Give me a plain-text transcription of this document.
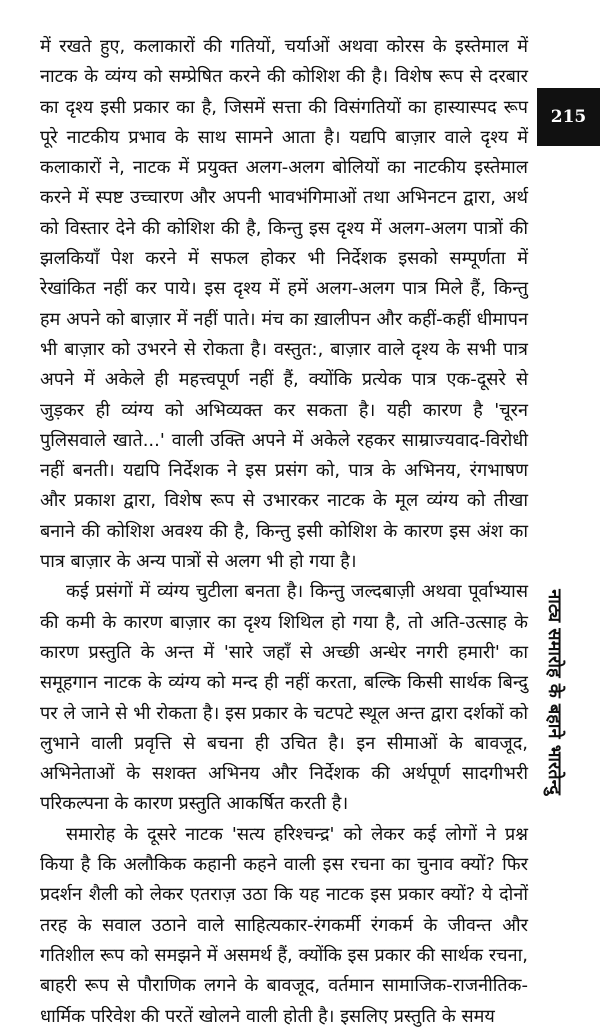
में रखते हुए, कलाकारों की गतियों, चर्याओं अथवा कोरस के इस्तेमाल में नाटक के व्यंग्य को सम्प्रेषित करने की कोशिश की है। विशेष रूप से दरबार का दृश्य इसी प्रकार का है, जिसमें सत्ता की विसंगतियों का हास्यास्पद रूप पूरे नाटकीय प्रभाव के साथ सामने आता है। यद्यपि बाज़ार वाले दृश्य में कलाकारों ने, नाटक में प्रयुक्त अलग-अलग बोलियों का नाटकीय इस्तेमाल करने में स्पष्ट उच्चारण और अपनी भावभंगिमाओं तथा अभिनटन द्वारा, अर्थ को विस्तार देने की कोशिश की है, किन्तु इस दृश्य में अलग-अलग पात्रों की झलकियाँ पेश करने में सफल होकर भी निर्देशक इसको सम्पूर्णता में रेखांकित नहीं कर पाये। इस दृश्य में हमें अलग-अलग पात्र मिले हैं, किन्तु हम अपने को बाज़ार में नहीं पाते। मंच का ख़ालीपन और कहीं-कहीं धीमापन भी बाज़ार को उभरने से रोकता है। वस्तुत:, बाज़ार वाले दृश्य के सभी पात्र अपने में अकेले ही महत्त्वपूर्ण नहीं हैं, क्योंकि प्रत्येक पात्र एक-दूसरे से जुड़कर ही व्यंग्य को अभिव्यक्त कर सकता है। यही कारण है 'चूरन पुलिसवाले खाते...' वाली उक्ति अपने में अकेले रहकर साम्राज्यवाद-विरोधी नहीं बनती। यद्यपि निर्देशक ने इस प्रसंग को, पात्र के अभिनय, रंगभाषण और प्रकाश द्वारा, विशेष रूप से उभारकर नाटक के मूल व्यंग्य को तीखा बनाने की कोशिश अवश्य की है, किन्तु इसी कोशिश के कारण इस अंश का पात्र बाज़ार के अन्य पात्रों से अलग भी हो गया है।

कई प्रसंगों में व्यंग्य चुटीला बनता है। किन्तु जल्दबाज़ी अथवा पूर्वाभ्यास की कमी के कारण बाज़ार का दृश्य शिथिल हो गया है, तो अति-उत्साह के कारण प्रस्तुति के अन्त में 'सारे जहाँ से अच्छी अन्धेर नगरी हमारी' का समूहगान नाटक के व्यंग्य को मन्द ही नहीं करता, बल्कि किसी सार्थक बिन्दु पर ले जाने से भी रोकता है। इस प्रकार के चटपटे स्थूल अन्त द्वारा दर्शकों को लुभाने वाली प्रवृत्ति से बचना ही उचित है। इन सीमाओं के बावजूद, अभिनेताओं के सशक्त अभिनय और निर्देशक की अर्थपूर्ण सादगीभरी परिकल्पना के कारण प्रस्तुति आकर्षित करती है।

समारोह के दूसरे नाटक 'सत्य हरिश्चन्द्र' को लेकर कई लोगों ने प्रश्न किया है कि अलौकिक कहानी कहने वाली इस रचना का चुनाव क्यों? फिर प्रदर्शन शैली को लेकर एतराज़ उठा कि यह नाटक इस प्रकार क्यों? ये दोनों तरह के सवाल उठाने वाले साहित्यकार-रंगकर्मी रंगकर्म के जीवन्त और गतिशील रूप को समझने में असमर्थ हैं, क्योंकि इस प्रकार की सार्थक रचना, बाहरी रूप से पौराणिक लगने के बावजूद, वर्तमान सामाजिक-राजनीतिक-धार्मिक परिवेश की परतें खोलने वाली होती है। इसलिए प्रस्तुति के समय

215
नाट्य समारोह के बहाने भारतेन्दु
